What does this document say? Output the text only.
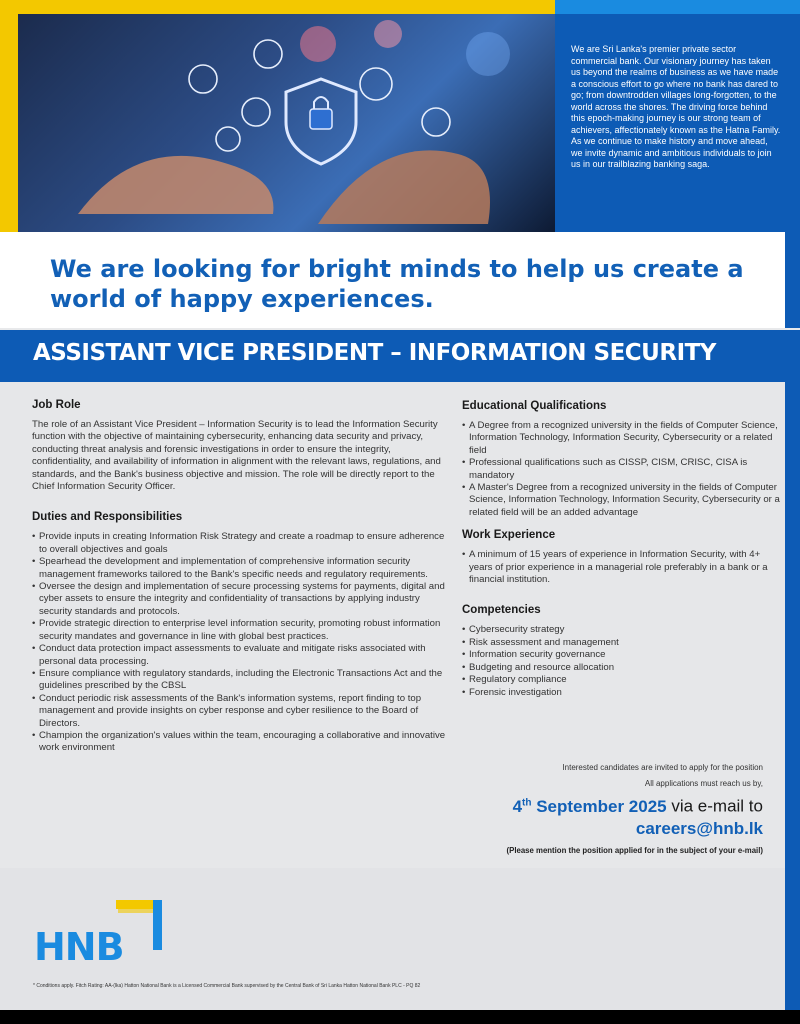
We are Sri Lanka's premier private sector commercial bank. Our visionary journey has taken us beyond the realms of business as we have made a conscious effort to go where no bank has dared to go; from downtrodden villages long-forgotten, to the world across the shores. The driving force behind this epoch-making journey is our strong team of achievers, affectionately known as the Hatna Family. As we continue to make history and move ahead, we invite dynamic and ambitious individuals to join us in our trailblazing banking saga.

We are looking for bright minds to help us create a world of happy experiences.
ASSISTANT VICE PRESIDENT – INFORMATION SECURITY
Job Role

The role of an Assistant Vice President – Information Security is to lead the Information Security function with the objective of maintaining cybersecurity, enhancing data security and privacy, conducting threat analysis and forensic investigations in order to ensure the integrity, confidentiality, and availability of information in alignment with the relevant laws, regulations, and standards, and the Bank's business objective and mission. The role will be directly report to the Chief Information Security Officer.

Duties and Responsibilities
• Provide inputs in creating Information Risk Strategy and create a roadmap to ensure adherence to overall objectives and goals
• Spearhead the development and implementation of comprehensive information security management frameworks tailored to the Bank's specific needs and regulatory requirements.
• Oversee the design and implementation of secure processing systems for payments, digital and cyber assets to ensure the integrity and confidentiality of transactions by applying industry security standards and protocols.
• Provide strategic direction to enterprise level information security, promoting robust information security mandates and governance in line with global best practices.
• Conduct data protection impact assessments to evaluate and mitigate risks associated with personal data processing.
• Ensure compliance with regulatory standards, including the Electronic Transactions Act and the guidelines prescribed by the CBSL
• Conduct periodic risk assessments of the Bank's information systems, report finding to top management and provide insights on cyber response and cyber resilience to the Board of Directors.
• Champion the organization's values within the team, encouraging a collaborative and innovative work environment
Educational Qualifications
• A Degree from a recognized university in the fields of Computer Science, Information Technology, Information Security, Cybersecurity or a related field
• Professional qualifications such as CISSP, CISM, CRISC, CISA is mandatory
• A Master's Degree from a recognized university in the fields of Computer Science, Information Technology, Information Security, Cybersecurity or a related field will be an added advantage
Work Experience
• A minimum of 15 years of experience in Information Security, with 4+ years of prior experience in a managerial role preferably in a bank or a financial institution.
Competencies
• Cybersecurity strategy
• Risk assessment and management
• Information security governance
• Budgeting and resource allocation
• Regulatory compliance
• Forensic investigation
Interested candidates are invited to apply for the position
All applications must reach us by,
4th September 2025 via e-mail to
careers@hnb.lk
(Please mention the position applied for in the subject of your e-mail)
HNB
* Conditions apply. Fitch Rating: AA-(lka) Hatton National Bank is a Licensed Commercial Bank supervised by the Central Bank of Sri Lanka Hatton National Bank PLC - PQ 82
